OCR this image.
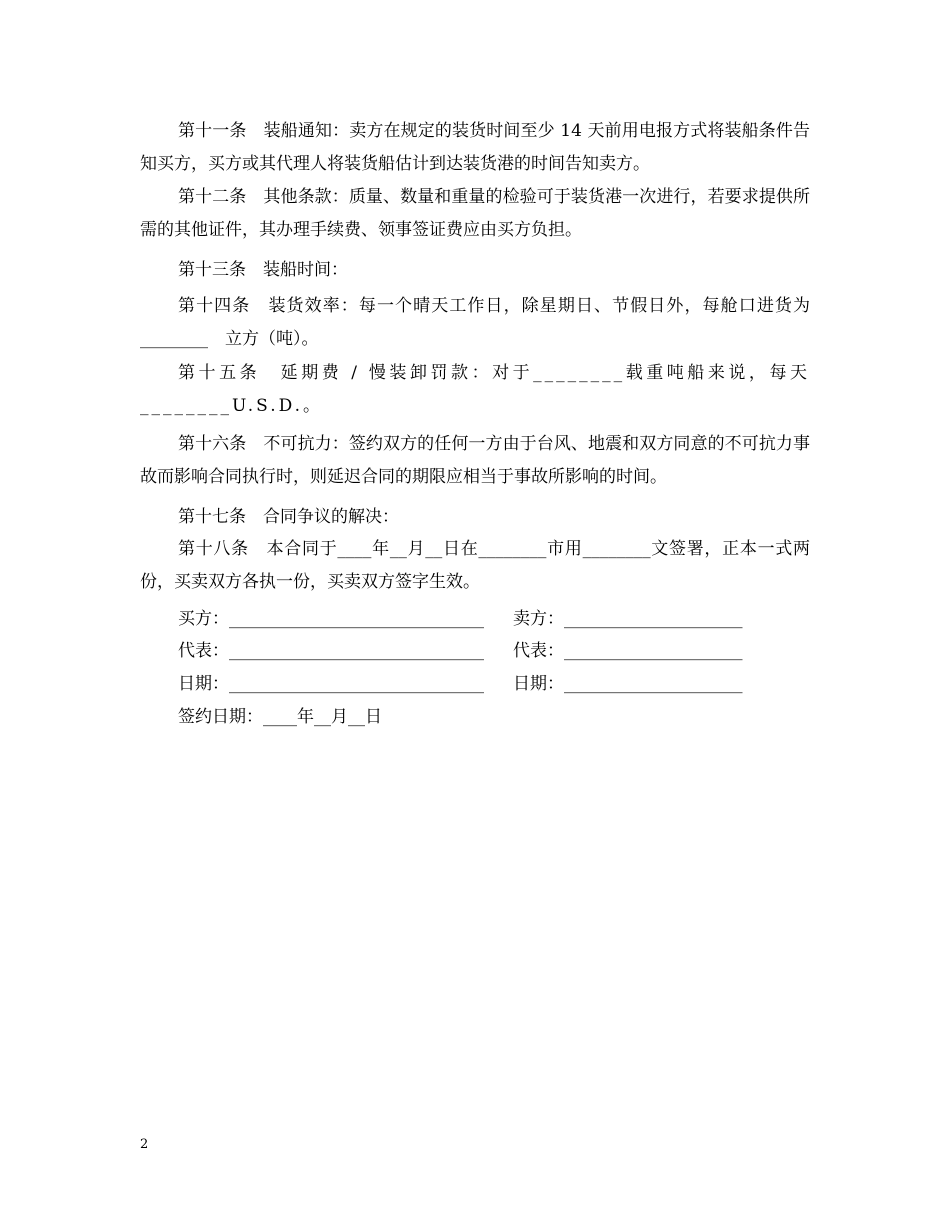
第十一条　装船通知：卖方在规定的装货时间至少 14 天前用电报方式将装船条件告知买方，买方或其代理人将装货船估计到达装货港的时间告知卖方。

第十二条　其他条款：质量、数量和重量的检验可于装货港一次进行，若要求提供所需的其他证件，其办理手续费、领事签证费应由买方负担。

第十三条　装船时间：

第十四条　装货效率：每一个晴天工作日，除星期日、节假日外，每舱口进货为________　立方（吨）。

第十五条　延期费 / 慢装卸罚款：对于________载重吨船来说，每天________U.S.D.。

第十六条　不可抗力：签约双方的任何一方由于台风、地震和双方同意的不可抗力事故而影响合同执行时，则延迟合同的期限应相当于事故所影响的时间。

第十七条　合同争议的解决：

第十八条　本合同于____年__月__日在________市用________文签署，正本一式两份，买卖双方各执一份，买卖双方签字生效。

买方：______________________________

卖方：_____________________

代表：______________________________

代表：_____________________

日期：______________________________

日期：_____________________

签约日期：____年__月__日

2
